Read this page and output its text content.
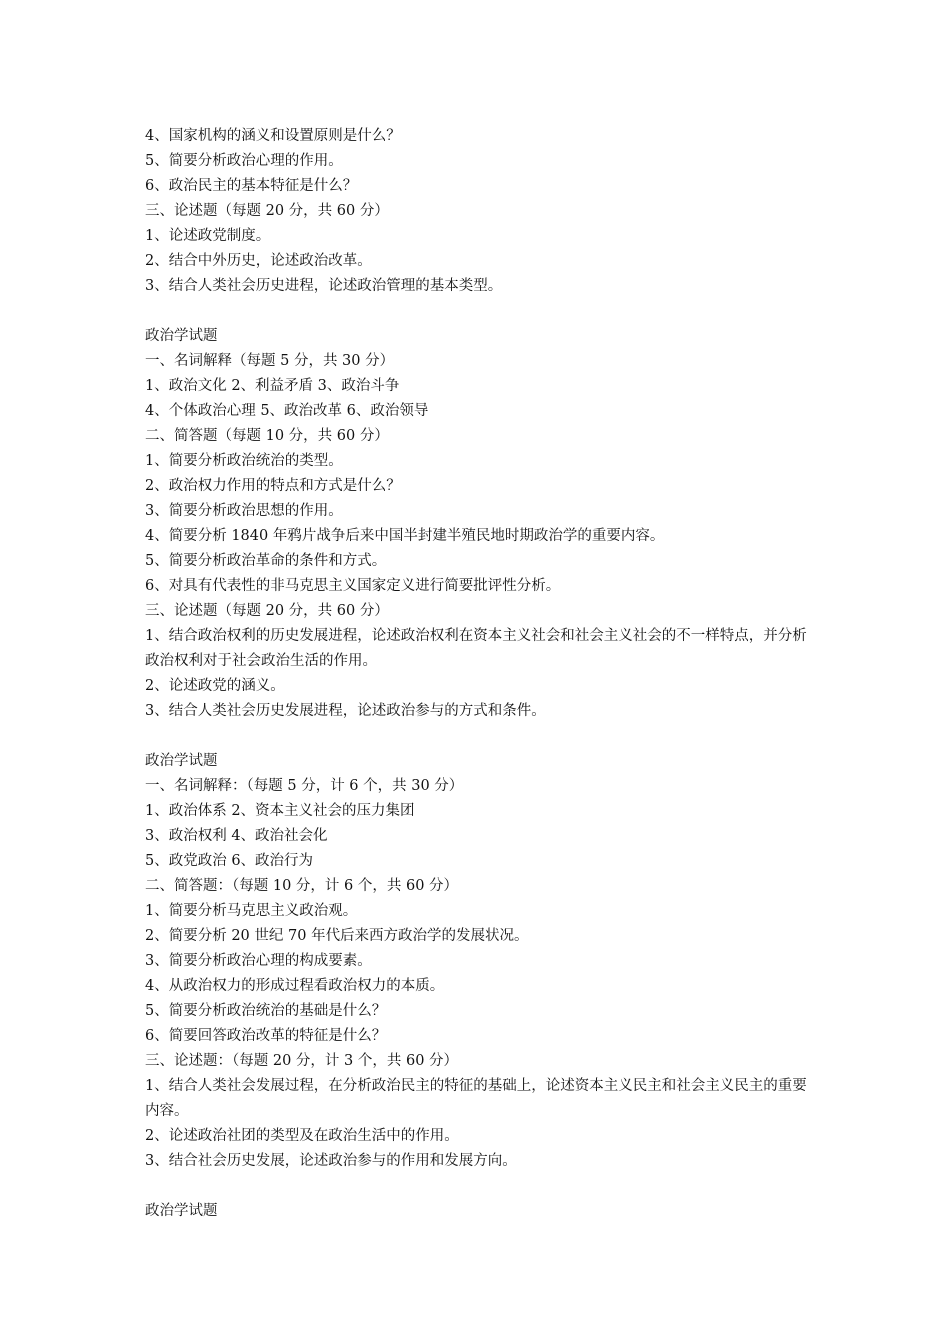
4、国家机构的涵义和设置原则是什么？

5、简要分析政治心理的作用。

6、政治民主的基本特征是什么？

三、论述题（每题 20 分，共 60 分）

1、论述政党制度。

2、结合中外历史，论述政治改革。

3、结合人类社会历史进程，论述政治管理的基本类型。

政治学试题

一、名词解释（每题 5 分，共 30 分）

1、政治文化 2、利益矛盾 3、政治斗争

4、个体政治心理 5、政治改革 6、政治领导

二、简答题（每题 10 分，共 60 分）

1、简要分析政治统治的类型。

2、政治权力作用的特点和方式是什么？

3、简要分析政治思想的作用。

4、简要分析 1840 年鸦片战争后来中国半封建半殖民地时期政治学的重要内容。

5、简要分析政治革命的条件和方式。

6、对具有代表性的非马克思主义国家定义进行简要批评性分析。

三、论述题（每题 20 分，共 60 分）

1、结合政治权利的历史发展进程，论述政治权利在资本主义社会和社会主义社会的不一样特点，并分析政治权利对于社会政治生活的作用。

2、论述政党的涵义。

3、结合人类社会历史发展进程，论述政治参与的方式和条件。

政治学试题

一、名词解释：（每题 5 分，计 6 个，共 30 分）

1、政治体系 2、资本主义社会的压力集团

3、政治权利 4、政治社会化

5、政党政治 6、政治行为

二、简答题：（每题 10 分，计 6 个，共 60 分）

1、简要分析马克思主义政治观。

2、简要分析 20 世纪 70 年代后来西方政治学的发展状况。

3、简要分析政治心理的构成要素。

4、从政治权力的形成过程看政治权力的本质。

5、简要分析政治统治的基础是什么？

6、简要回答政治改革的特征是什么？

三、论述题：（每题 20 分，计 3 个，共 60 分）

1、结合人类社会发展过程，在分析政治民主的特征的基础上，论述资本主义民主和社会主义民主的重要内容。

2、论述政治社团的类型及在政治生活中的作用。

3、结合社会历史发展，论述政治参与的作用和发展方向。

政治学试题
